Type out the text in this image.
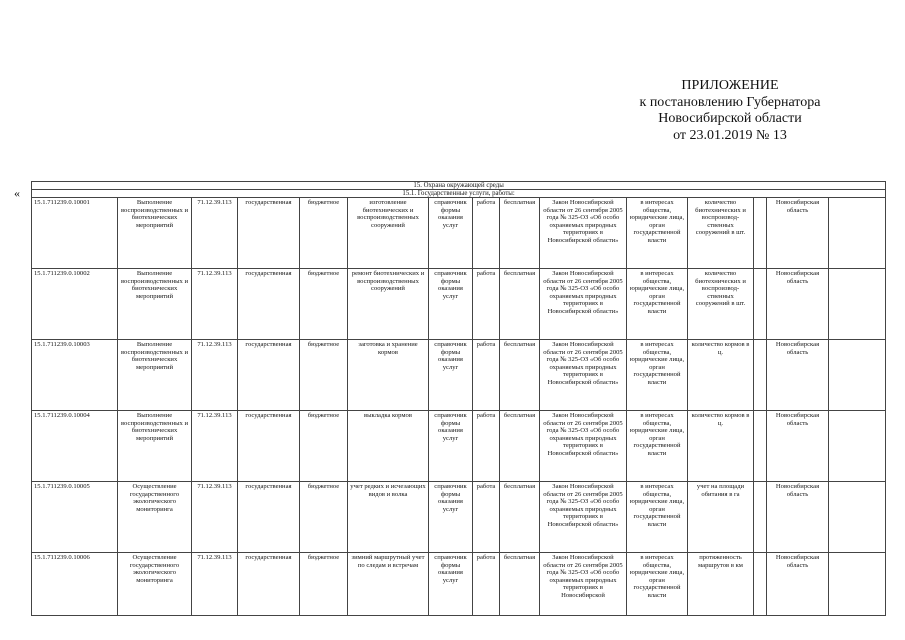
ПРИЛОЖЕНИЕ
к постановлению Губернатора
Новосибирской области
от 23.01.2019 № 13
«
15. Охрана окружающей среды														
15.1. Государственные услуги, работы:														
15.1.711239.0.10001	Выполнение воспроизводственных и биотехнических мероприятий	71.12.39.113	государственная	бюджетное	изготовление биотехнических и воспроизводственных сооружений	справочник формы оказания услуг	работа	бесплатная	Закон Новосибирской области от 26 сентября 2005 года № 325-ОЗ «Об особо охраняемых природных территориях в Новосибирской области»	в интересах общества, юридические лица, орган государственной власти	количество биотехнических и воспроизвод-ственных сооружений в шт.		Новосибирская область	
15.1.711239.0.10002	Выполнение воспроизводственных и биотехнических мероприятий	71.12.39.113	государственная	бюджетное	ремонт биотехнических и воспроизводственных сооружений	справочник формы оказания услуг	работа	бесплатная	Закон Новосибирской области от 26 сентября 2005 года № 325-ОЗ «Об особо охраняемых природных территориях в Новосибирской области»	в интересах общества, юридические лица, орган государственной власти	количество биотехнических и воспроизвод-ственных сооружений в шт.		Новосибирская область	
15.1.711239.0.10003	Выполнение воспроизводственных и биотехнических мероприятий	71.12.39.113	государственная	бюджетное	заготовка и хранение кормов	справочник формы оказания услуг	работа	бесплатная	Закон Новосибирской области от 26 сентября 2005 года № 325-ОЗ «Об особо охраняемых природных территориях в Новосибирской области»	в интересах общества, юридические лица, орган государственной власти	количество кормов в ц.		Новосибирская область	
15.1.711239.0.10004	Выполнение воспроизводственных и биотехнических мероприятий	71.12.39.113	государственная	бюджетное	выкладка кормов	справочник формы оказания услуг	работа	бесплатная	Закон Новосибирской области от 26 сентября 2005 года № 325-ОЗ «Об особо охраняемых природных территориях в Новосибирской области»	в интересах общества, юридические лица, орган государственной власти	количество кормов в ц.		Новосибирская область	
15.1.711239.0.10005	Осуществление государственного экологического мониторинга	71.12.39.113	государственная	бюджетное	учет редких и исчезающих видов и волка	справочник формы оказания услуг	работа	бесплатная	Закон Новосибирской области от 26 сентября 2005 года № 325-ОЗ «Об особо охраняемых природных территориях в Новосибирской области»	в интересах общества, юридические лица, орган государственной власти	учет на площади обитания в га		Новосибирская область	
15.1.711239.0.10006	Осуществление государственного экологического мониторинга	71.12.39.113	государственная	бюджетное	зимний маршрутный учет по следам и встречам	справочник формы оказания услуг	работа	бесплатная	Закон Новосибирской области от 26 сентября 2005 года № 325-ОЗ «Об особо охраняемых природных территориях в Новосибирской	в интересах общества, юридические лица, орган государственной власти	протяженность маршрутов в км		Новосибирская область	
